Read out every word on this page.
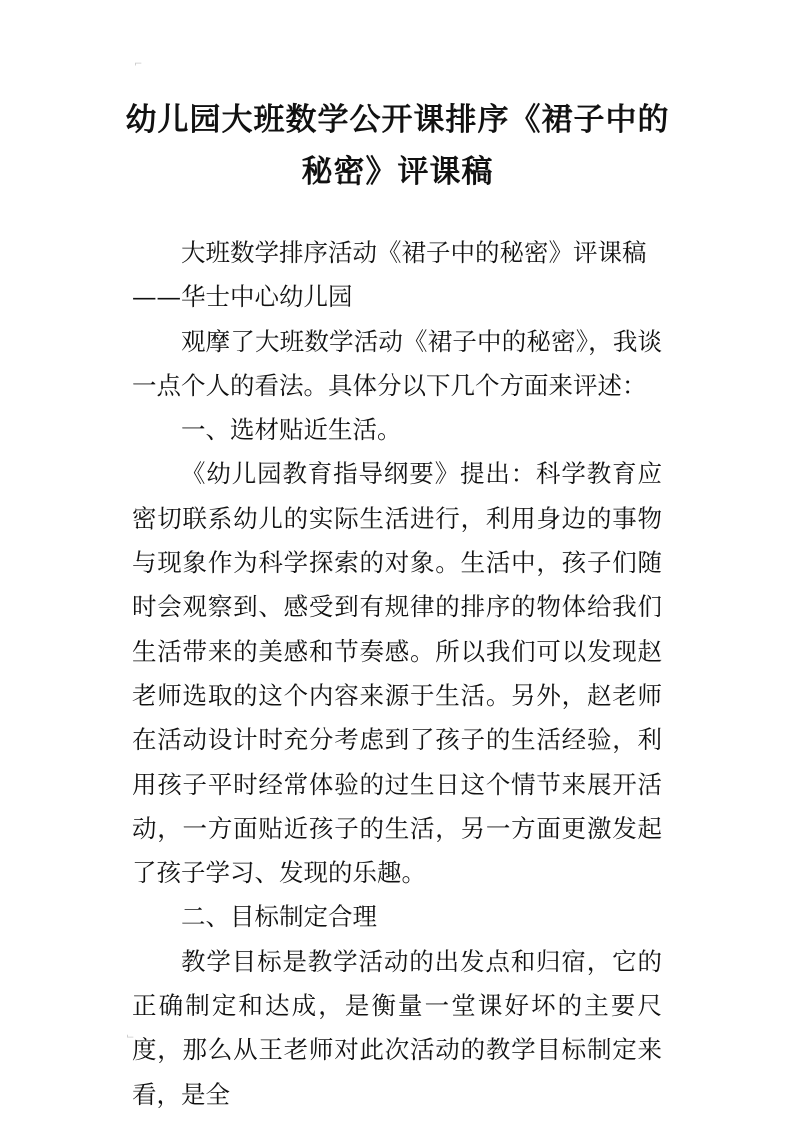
⌐
⌙
幼儿园大班数学公开课排序《裙子中的秘密》评课稿

大班数学排序活动《裙子中的秘密》评课稿

——华士中心幼儿园

观摩了大班数学活动《裙子中的秘密》，我谈一点个人的看法。具体分以下几个方面来评述：

一、选材贴近生活。

《幼儿园教育指导纲要》提出：科学教育应密切联系幼儿的实际生活进行，利用身边的事物与现象作为科学探索的对象。生活中，孩子们随时会观察到、感受到有规律的排序的物体给我们生活带来的美感和节奏感。所以我们可以发现赵老师选取的这个内容来源于生活。另外，赵老师在活动设计时充分考虑到了孩子的生活经验，利用孩子平时经常体验的过生日这个情节来展开活动，一方面贴近孩子的生活，另一方面更激发起了孩子学习、发现的乐趣。

二、目标制定合理

教学目标是教学活动的出发点和归宿，它的正确制定和达成，是衡量一堂课好坏的主要尺度，那么从王老师对此次活动的教学目标制定来看，是全
